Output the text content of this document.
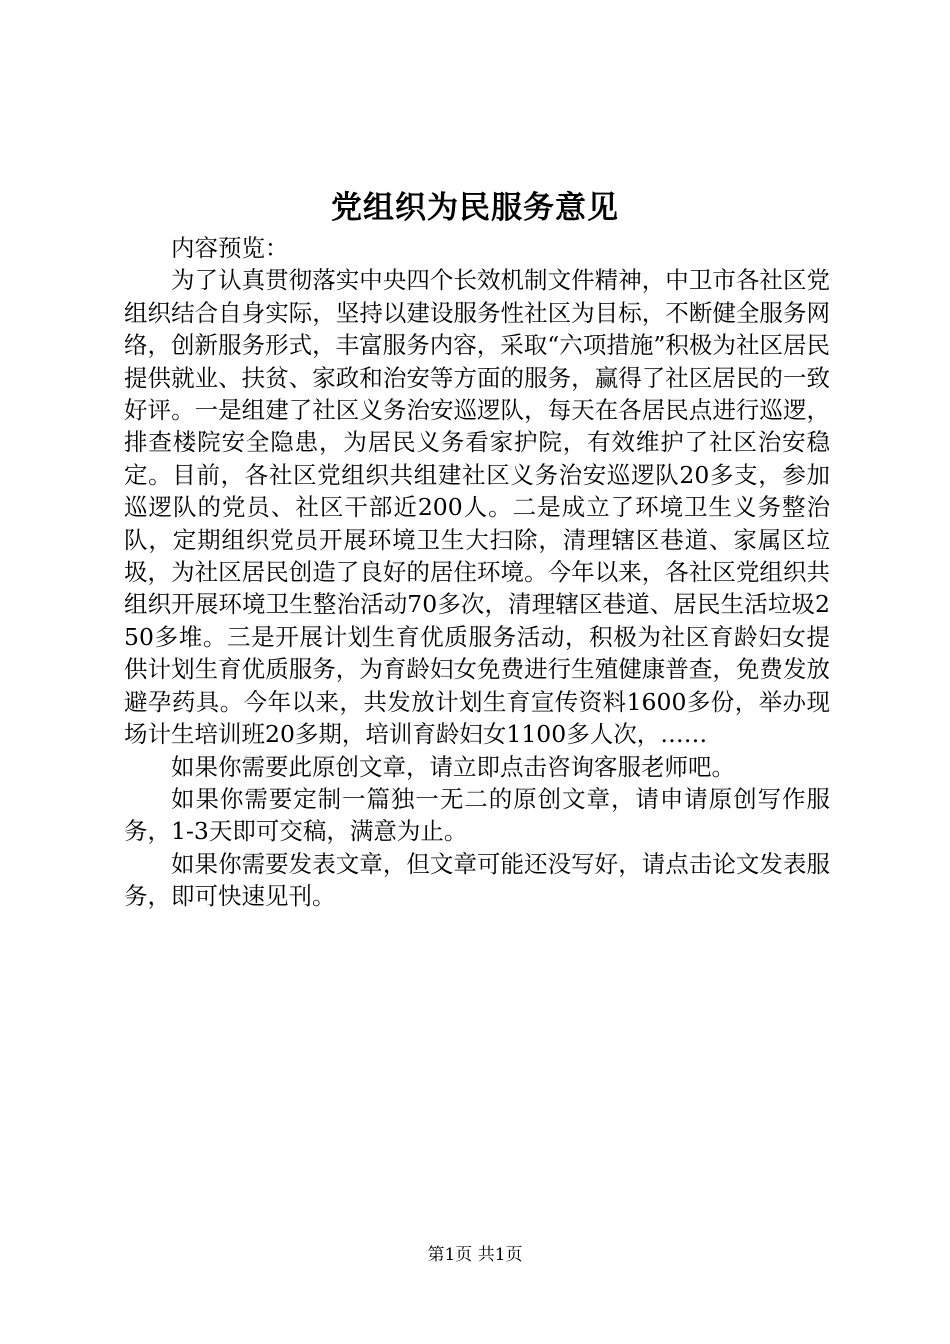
党组织为民服务意见

内容预览：

为了认真贯彻落实中央四个长效机制文件精神，中卫市各社区党组织结合自身实际，坚持以建设服务性社区为目标，不断健全服务网络，创新服务形式，丰富服务内容，采取“六项措施”积极为社区居民提供就业、扶贫、家政和治安等方面的服务，赢得了社区居民的一致好评。一是组建了社区义务治安巡逻队，每天在各居民点进行巡逻，排查楼院安全隐患，为居民义务看家护院，有效维护了社区治安稳定。目前，各社区党组织共组建社区义务治安巡逻队20多支，参加巡逻队的党员、社区干部近200人。二是成立了环境卫生义务整治队，定期组织党员开展环境卫生大扫除，清理辖区巷道、家属区垃圾，为社区居民创造了良好的居住环境。今年以来，各社区党组织共组织开展环境卫生整治活动70多次，清理辖区巷道、居民生活垃圾250多堆。三是开展计划生育优质服务活动，积极为社区育龄妇女提供计划生育优质服务，为育龄妇女免费进行生殖健康普查，免费发放避孕药具。今年以来，共发放计划生育宣传资料1600多份，举办现场计生培训班20多期，培训育龄妇女1100多人次，……

如果你需要此原创文章，请立即点击咨询客服老师吧。

如果你需要定制一篇独一无二的原创文章，请申请原创写作服务，1-3天即可交稿，满意为止。

如果你需要发表文章，但文章可能还没写好，请点击论文发表服务，即可快速见刊。

第1页 共1页
